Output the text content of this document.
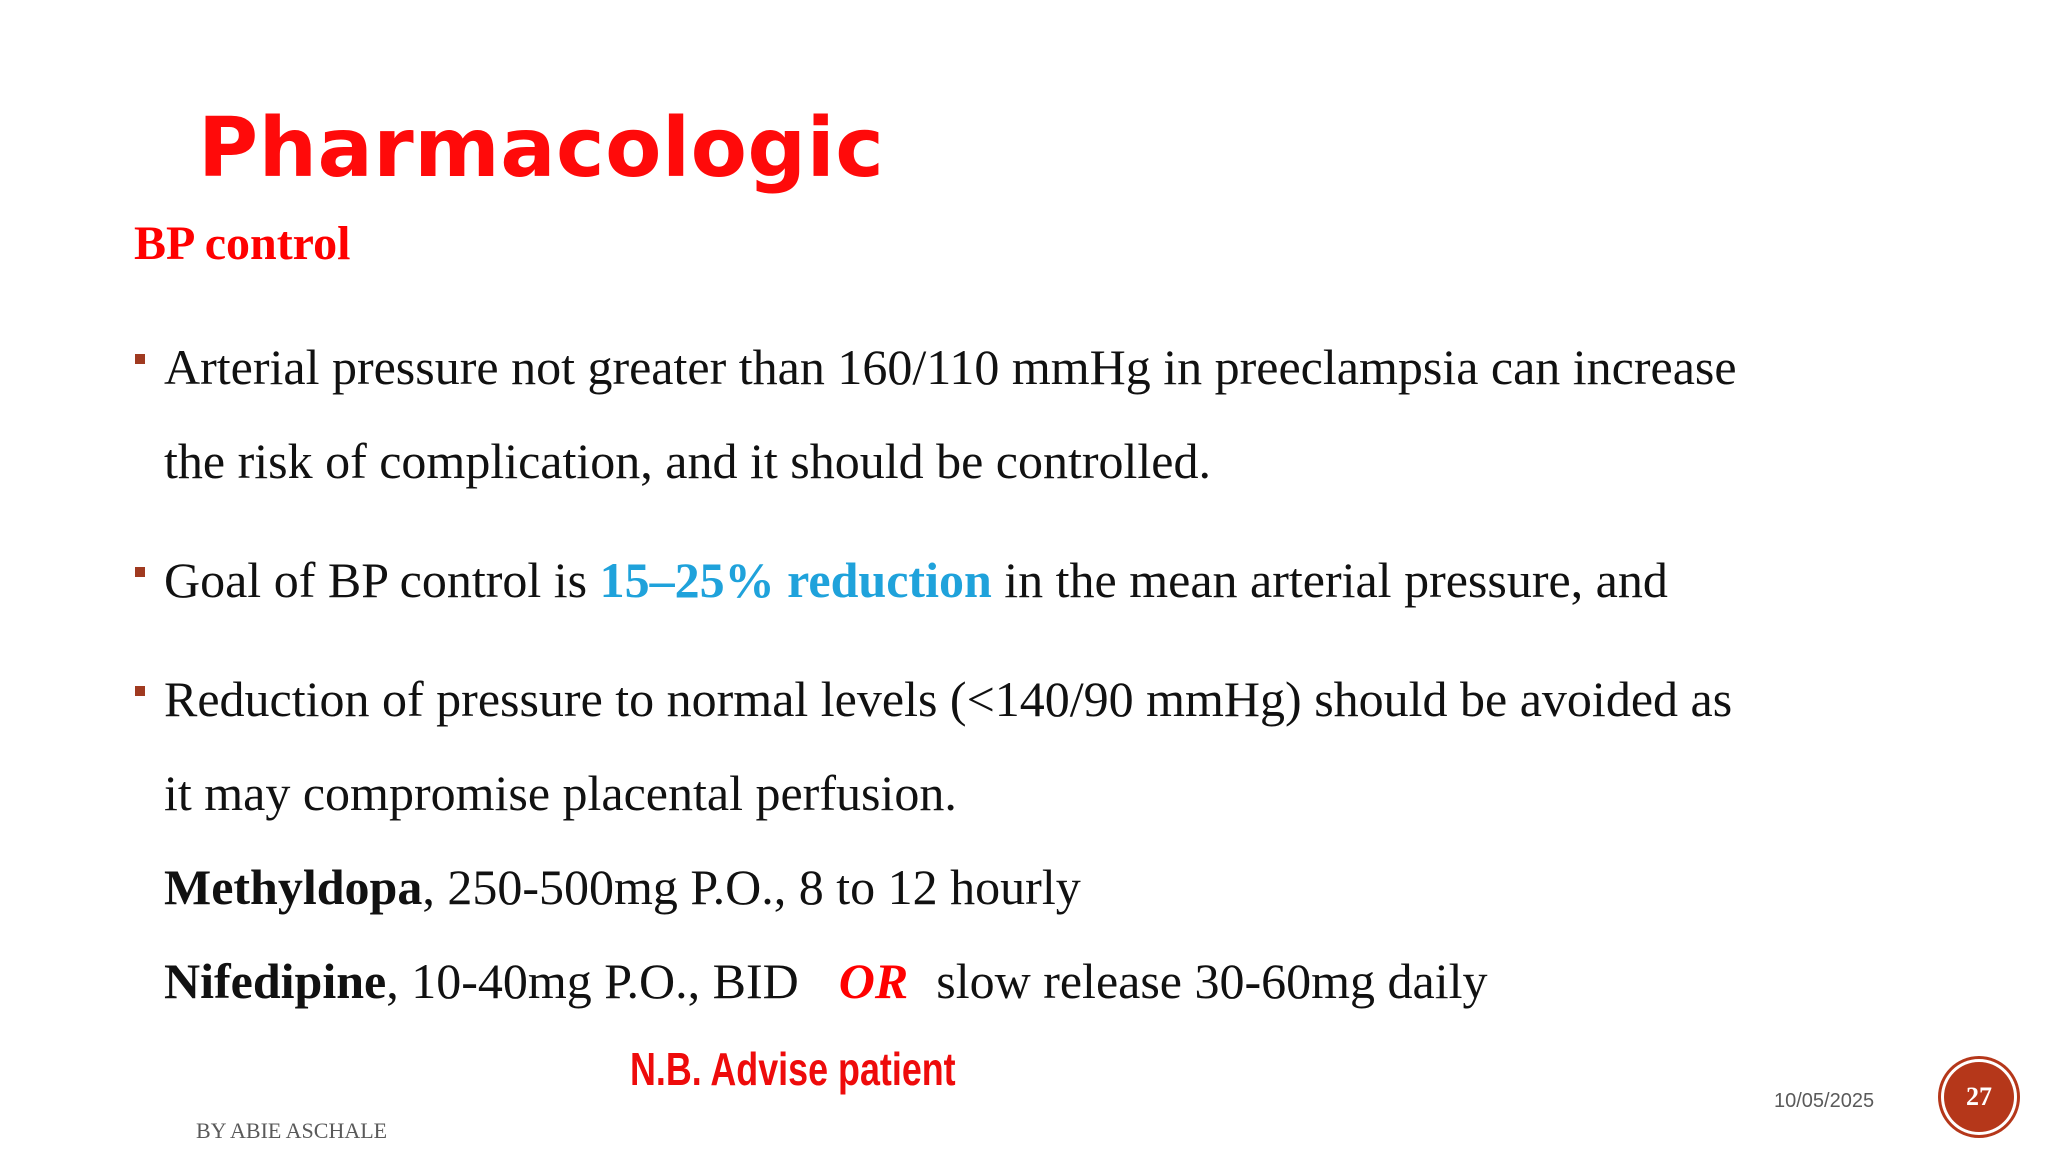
Pharmacologic
BP control
Arterial pressure not greater than 160/110 mmHg in preeclampsia can increase
the risk of complication, and it should be controlled.
Goal of BP control is 15–25% reduction in the mean arterial pressure, and
Reduction of pressure to normal levels (<140/90 mmHg) should be avoided as
it may compromise placental perfusion.
Methyldopa, 250-500mg P.O., 8 to 12 hourly
Nifedipine, 10-40mg P.O., BID OR slow release 30-60mg daily
N.B. Advise patient
BY ABIE ASCHALE
10/05/2025	27
